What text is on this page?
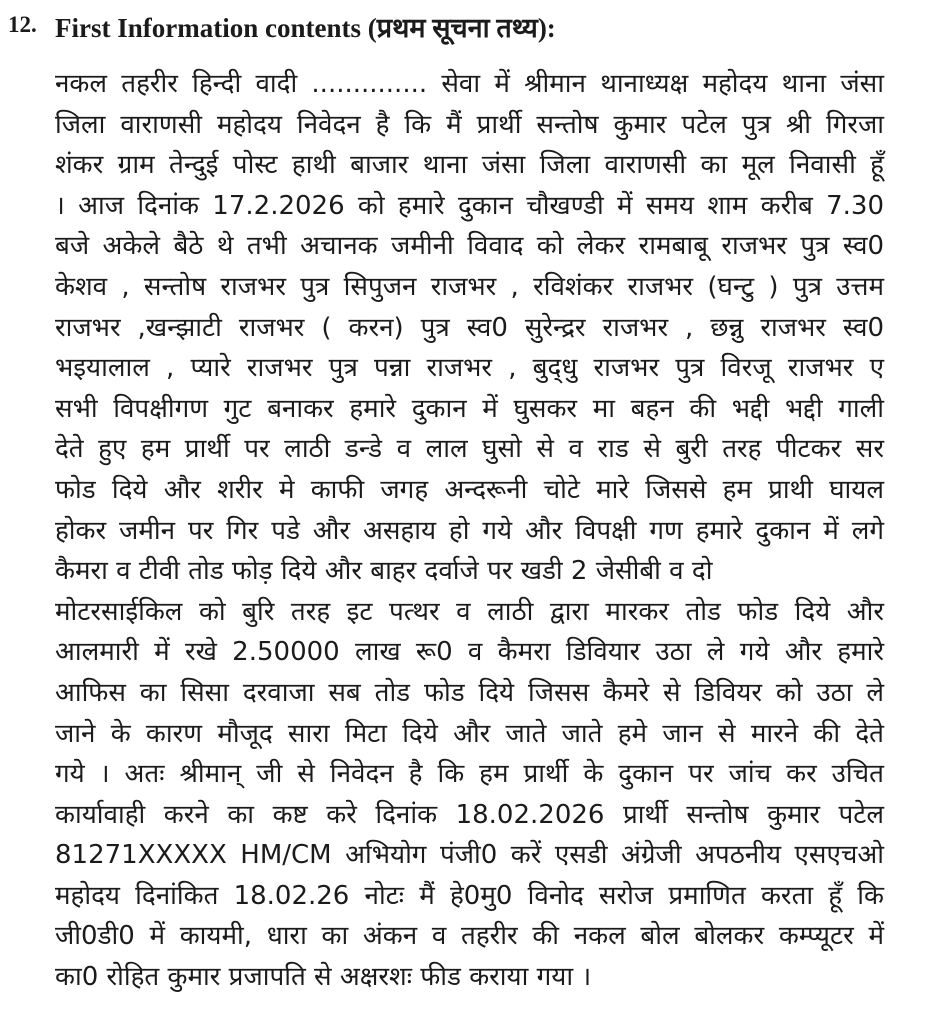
12. First Information contents (प्रथम सूचना तथ्य):
नकल तहरीर हिन्दी वादी .............. सेवा में श्रीमान थानाध्यक्ष महोदय थाना जंसा
जिला वाराणसी महोदय निवेदन है कि मैं प्रार्थी सन्तोष कुमार पटेल पुत्र श्री गिरजा
शंकर ग्राम तेन्दुई पोस्ट हाथी बाजार थाना जंसा जिला वाराणसी का मूल निवासी हूँ
। आज दिनांक 17.2.2026 को हमारे दुकान चौखण्डी में समय शाम करीब 7.30
बजे अकेले बैठे थे तभी अचानक जमीनी विवाद को लेकर रामबाबू राजभर पुत्र स्व0
केशव , सन्तोष राजभर पुत्र सिपुजन राजभर , रविशंकर राजभर (घन्टु ) पुत्र उत्तम
राजभर ,खन्झाटी राजभर ( करन) पुत्र स्व0 सुरेन्द्रर राजभर , छन्नु राजभर स्व0
भइयालाल , प्यारे राजभर पुत्र पन्ना राजभर , बुद्‌धु राजभर पुत्र विरजू राजभर ए
सभी विपक्षीगण गुट बनाकर हमारे दुकान में घुसकर मा बहन की भद्दी भद्दी गाली
देते हुए हम प्रार्थी पर लाठी डन्डे व लाल घुसो से व राड से बुरी तरह पीटकर सर
फोड दिये और शरीर मे काफी जगह अन्दरूनी चोटे मारे जिससे हम प्राथी घायल
होकर जमीन पर गिर पडे और असहाय हो गये और विपक्षी गण हमारे दुकान में लगे
कैमरा व टीवी तोड फोड़ दिये और बाहर दर्वाजे पर खडी 2 जेसीबी व दो
मोटरसाईकिल को बुरि तरह इट पत्थर व लाठी द्वारा मारकर तोड फोड दिये और
आलमारी में रखे 2.50000 लाख रू0 व कैमरा डिवियार उठा ले गये और हमारे
आफिस का सिसा दरवाजा सब तोड फोड दिये जिसस कैमरे से डिवियर को उठा ले
जाने के कारण मौजूद सारा मिटा दिये और जाते जाते हमे जान से मारने की देते
गये । अतः श्रीमान् जी से निवेदन है कि हम प्रार्थी के दुकान पर जांच कर उचित
कार्यावाही करने का कष्ट करे दिनांक 18.02.2026 प्रार्थी सन्तोष कुमार पटेल
81271XXXXX HM/CM अभियोग पंजी0 करें एसडी अंग्रेजी अपठनीय एसएचओ
महोदय दिनांकित 18.02.26 नोटः मैं हे0मु0 विनोद सरोज प्रमाणित करता हूँ कि
जी0डी0 में कायमी, धारा का अंकन व तहरीर की नकल बोल बोलकर कम्प्यूटर में
का0 रोहित कुमार प्रजापति से अक्षरशः फीड कराया गया ।
